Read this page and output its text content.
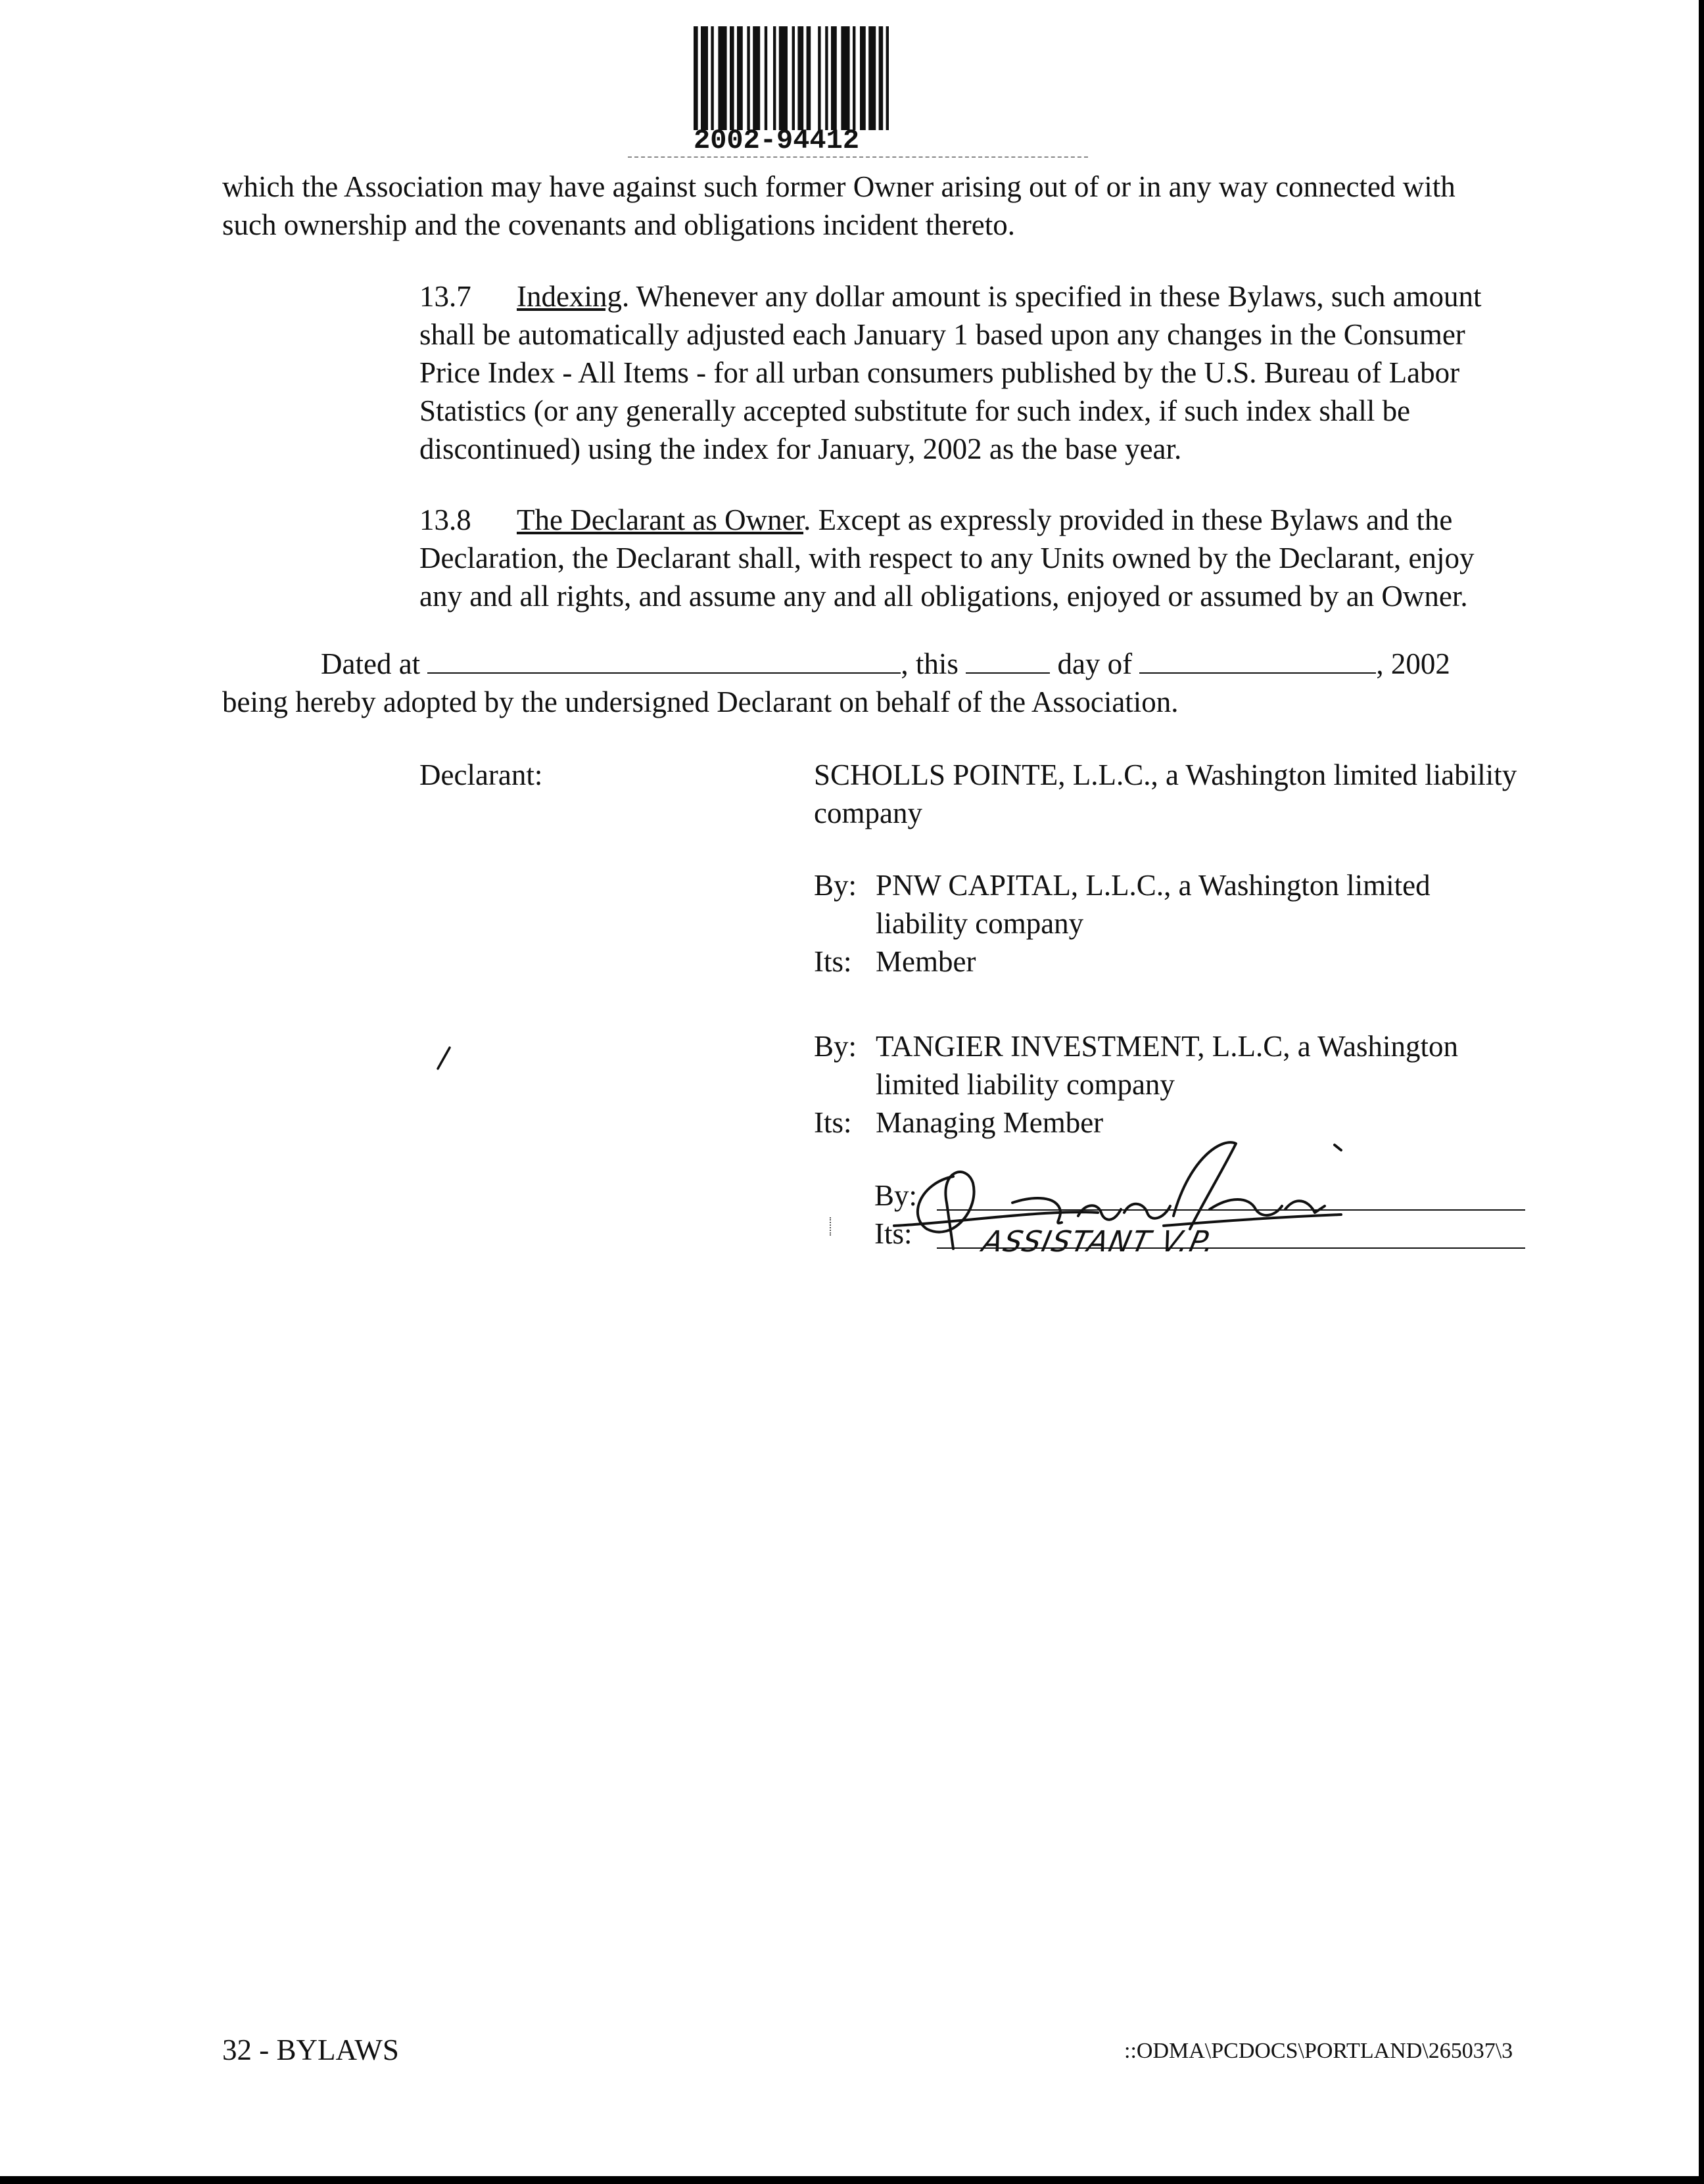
2002-94412

which the Association may have against such former Owner arising out of or in any way connected with such ownership and the covenants and obligations incident thereto.

13.7 Indexing. Whenever any dollar amount is specified in these Bylaws, such amount shall be automatically adjusted each January 1 based upon any changes in the Consumer Price Index - All Items - for all urban consumers published by the U.S. Bureau of Labor Statistics (or any generally accepted substitute for such index, if such index shall be discontinued) using the index for January, 2002 as the base year.

13.8 The Declarant as Owner. Except as expressly provided in these Bylaws and the Declaration, the Declarant shall, with respect to any Units owned by the Declarant, enjoy any and all rights, and assume any and all obligations, enjoyed or assumed by an Owner.

Dated at	, this	day of	, 2002
being hereby adopted by the undersigned Declarant on behalf of the Association.
Declarant:	SCHOLLS POINTE, L.L.C., a Washington limited liability company

By: PNW CAPITAL, L.L.C., a Washington limited liability company
Its: Member
By: TANGIER INVESTMENT, L.L.C, a Washington limited liability company
Its: Managing Member
By:
Its: ASSISTANT V.P.
32 - BYLAWS	::ODMA\PCDOCS\PORTLAND\265037\3
